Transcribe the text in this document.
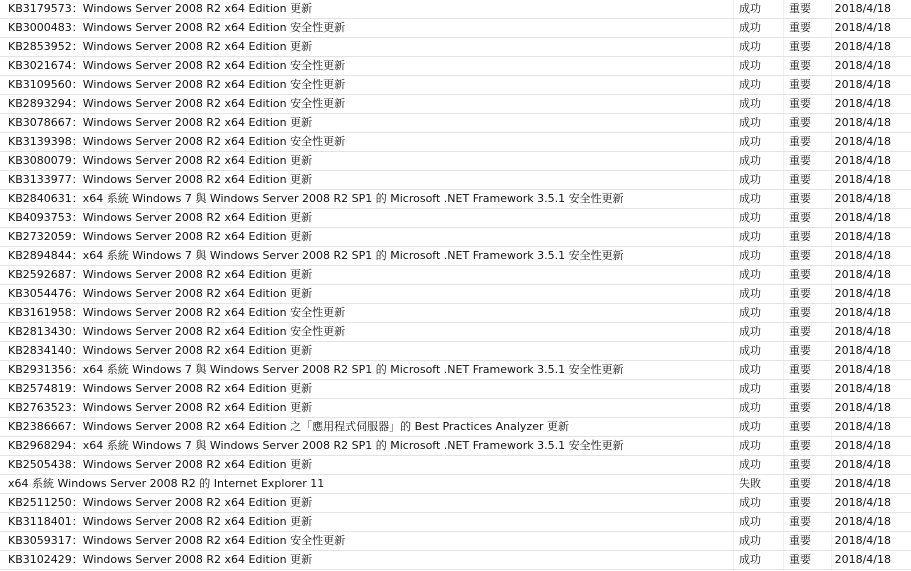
KB3179573：Windows Server 2008 R2 x64 Edition 更新	成功	重要	2018/4/18
KB3000483：Windows Server 2008 R2 x64 Edition 安全性更新	成功	重要	2018/4/18
KB2853952：Windows Server 2008 R2 x64 Edition 更新	成功	重要	2018/4/18
KB3021674：Windows Server 2008 R2 x64 Edition 安全性更新	成功	重要	2018/4/18
KB3109560：Windows Server 2008 R2 x64 Edition 安全性更新	成功	重要	2018/4/18
KB2893294：Windows Server 2008 R2 x64 Edition 安全性更新	成功	重要	2018/4/18
KB3078667：Windows Server 2008 R2 x64 Edition 更新	成功	重要	2018/4/18
KB3139398：Windows Server 2008 R2 x64 Edition 安全性更新	成功	重要	2018/4/18
KB3080079：Windows Server 2008 R2 x64 Edition 更新	成功	重要	2018/4/18
KB3133977：Windows Server 2008 R2 x64 Edition 更新	成功	重要	2018/4/18
KB2840631：x64 系統 Windows 7 與 Windows Server 2008 R2 SP1 的 Microsoft .NET Framework 3.5.1 安全性更新	成功	重要	2018/4/18
KB4093753：Windows Server 2008 R2 x64 Edition 更新	成功	重要	2018/4/18
KB2732059：Windows Server 2008 R2 x64 Edition 更新	成功	重要	2018/4/18
KB2894844：x64 系統 Windows 7 與 Windows Server 2008 R2 SP1 的 Microsoft .NET Framework 3.5.1 安全性更新	成功	重要	2018/4/18
KB2592687：Windows Server 2008 R2 x64 Edition 更新	成功	重要	2018/4/18
KB3054476：Windows Server 2008 R2 x64 Edition 更新	成功	重要	2018/4/18
KB3161958：Windows Server 2008 R2 x64 Edition 安全性更新	成功	重要	2018/4/18
KB2813430：Windows Server 2008 R2 x64 Edition 安全性更新	成功	重要	2018/4/18
KB2834140：Windows Server 2008 R2 x64 Edition 更新	成功	重要	2018/4/18
KB2931356：x64 系統 Windows 7 與 Windows Server 2008 R2 SP1 的 Microsoft .NET Framework 3.5.1 安全性更新	成功	重要	2018/4/18
KB2574819：Windows Server 2008 R2 x64 Edition 更新	成功	重要	2018/4/18
KB2763523：Windows Server 2008 R2 x64 Edition 更新	成功	重要	2018/4/18
KB2386667：Windows Server 2008 R2 x64 Edition 之「應用程式伺服器」的 Best Practices Analyzer 更新	成功	重要	2018/4/18
KB2968294：x64 系統 Windows 7 與 Windows Server 2008 R2 SP1 的 Microsoft .NET Framework 3.5.1 安全性更新	成功	重要	2018/4/18
KB2505438：Windows Server 2008 R2 x64 Edition 更新	成功	重要	2018/4/18
x64 系統 Windows Server 2008 R2 的 Internet Explorer 11	失敗	重要	2018/4/18
KB2511250：Windows Server 2008 R2 x64 Edition 更新	成功	重要	2018/4/18
KB3118401：Windows Server 2008 R2 x64 Edition 更新	成功	重要	2018/4/18
KB3059317：Windows Server 2008 R2 x64 Edition 安全性更新	成功	重要	2018/4/18
KB3102429：Windows Server 2008 R2 x64 Edition 更新	成功	重要	2018/4/18
